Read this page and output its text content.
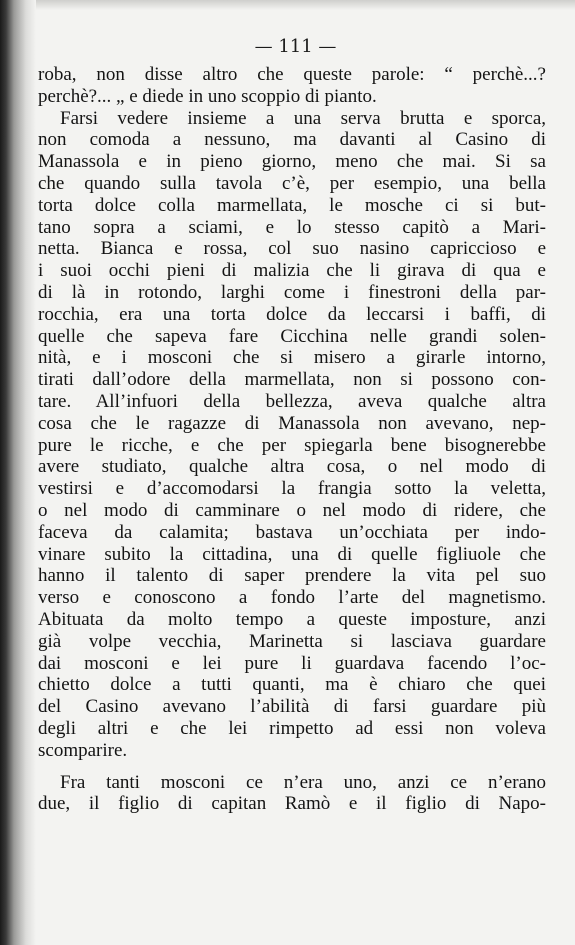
— 111 —
roba, non disse altro che queste parole: “ perchè...?
perchè?... „ e diede in uno scoppio di pianto.
Farsi vedere insieme a una serva brutta e sporca,
non comoda a nessuno, ma davanti al Casino di
Manassola e in pieno giorno, meno che mai. Si sa
che quando sulla tavola c’è, per esempio, una bella
torta dolce colla marmellata, le mosche ci si but-
tano sopra a sciami, e lo stesso capitò a Mari-
netta. Bianca e rossa, col suo nasino capriccioso e
i suoi occhi pieni di malizia che li girava di qua e
di là in rotondo, larghi come i finestroni della par-
rocchia, era una torta dolce da leccarsi i baffi, di
quelle che sapeva fare Cicchina nelle grandi solen-
nità, e i mosconi che si misero a girarle intorno,
tirati dall’odore della marmellata, non si possono con-
tare. All’infuori della bellezza, aveva qualche altra
cosa che le ragazze di Manassola non avevano, nep-
pure le ricche, e che per spiegarla bene bisognerebbe
avere studiato, qualche altra cosa, o nel modo di
vestirsi e d’accomodarsi la frangia sotto la veletta,
o nel modo di camminare o nel modo di ridere, che
faceva da calamita; bastava un’occhiata per indo-
vinare subito la cittadina, una di quelle figliuole che
hanno il talento di saper prendere la vita pel suo
verso e conoscono a fondo l’arte del magnetismo.
Abituata da molto tempo a queste imposture, anzi
già volpe vecchia, Marinetta si lasciava guardare
dai mosconi e lei pure li guardava facendo l’oc-
chietto dolce a tutti quanti, ma è chiaro che quei
del Casino avevano l’abilità di farsi guardare più
degli altri e che lei rimpetto ad essi non voleva
scomparire.
Fra tanti mosconi ce n’era uno, anzi ce n’erano
due, il figlio di capitan Ramò e il figlio di Napo-
